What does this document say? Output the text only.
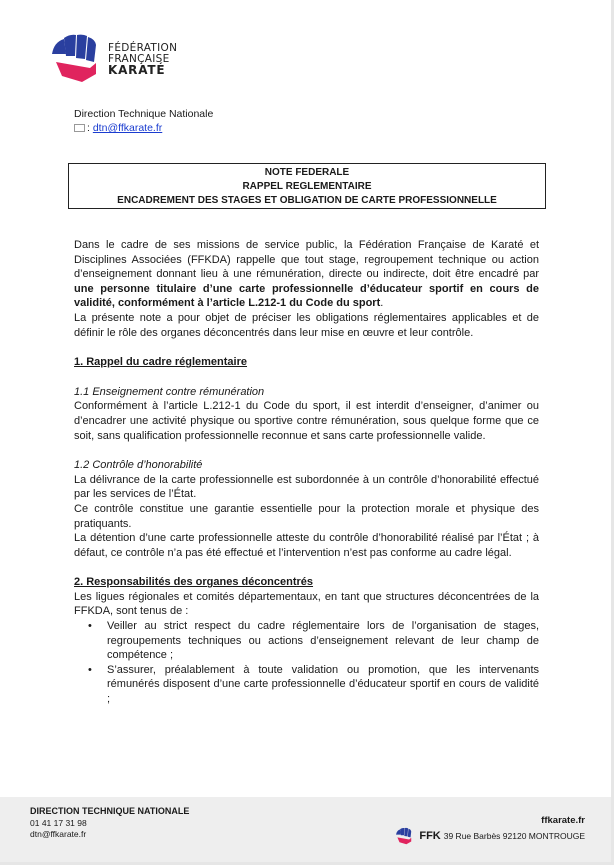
FÉDÉRATION
FRANÇAISE
KARATÉ
Direction Technique Nationale
: dtn@ffkarate.fr
NOTE FEDERALE
RAPPEL REGLEMENTAIRE
ENCADREMENT DES STAGES ET OBLIGATION DE CARTE PROFESSIONNELLE

Dans le cadre de ses missions de service public, la Fédération Française de Karaté et Disciplines Associées (FFKDA) rappelle que tout stage, regroupement technique ou action d’enseignement donnant lieu à une rémunération, directe ou indirecte, doit être encadré par une personne titulaire d’une carte professionnelle d’éducateur sportif en cours de validité, conformément à l’article L.212-1 du Code du sport.

La présente note a pour objet de préciser les obligations réglementaires applicables et de définir le rôle des organes déconcentrés dans leur mise en œuvre et leur contrôle.

1. Rappel du cadre réglementaire

1.1 Enseignement contre rémunération

Conformément à l’article L.212-1 du Code du sport, il est interdit d’enseigner, d’animer ou d’encadrer une activité physique ou sportive contre rémunération, sous quelque forme que ce soit, sans qualification professionnelle reconnue et sans carte professionnelle valide.

1.2 Contrôle d’honorabilité

La délivrance de la carte professionnelle est subordonnée à un contrôle d’honorabilité effectué par les services de l’État.

Ce contrôle constitue une garantie essentielle pour la protection morale et physique des pratiquants.

La détention d’une carte professionnelle atteste du contrôle d’honorabilité réalisé par l’État ; à défaut, ce contrôle n’a pas été effectué et l’intervention n’est pas conforme au cadre légal.

2. Responsabilités des organes déconcentrés

Les ligues régionales et comités départementaux, en tant que structures déconcentrées de la FFKDA, sont tenus de :

• Veiller au strict respect du cadre réglementaire lors de l’organisation de stages, regroupements techniques ou actions d’enseignement relevant de leur champ de compétence ;
• S’assurer, préalablement à toute validation ou promotion, que les intervenants rémunérés disposent d’une carte professionnelle d’éducateur sportif en cours de validité ;
DIRECTION TECHNIQUE NATIONALE
01 41 17 31 98
dtn@ffkarate.fr
ffkarate.fr
FFK 39 Rue Barbès 92120 MONTROUGE
